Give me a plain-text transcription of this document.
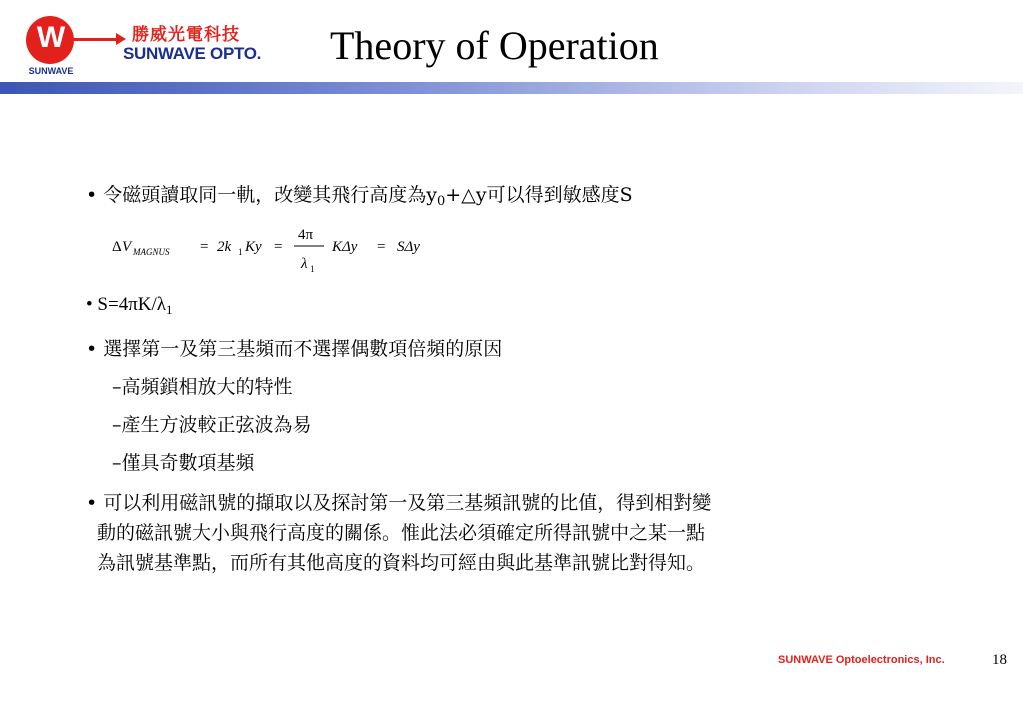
W	勝威光電科技
SUNWAVE OPTO.
SUNWAVE
Theory of Operation
• 令磁頭讀取同一軌，改變其飛行高度為$y_0+\triangle y$可以得到敏感度S
Δ V MAGNUS = 2k 1 Ky =
4π
λ 1
KΔy = SΔy
• $S=4\pi K/\lambda_1$
• 選擇第一及第三基頻而不選擇偶數項倍頻的原因
–高頻鎖相放大的特性
–產生方波較正弦波為易
–僅具奇數項基頻
• 可以利用磁訊號的擷取以及探討第一及第三基頻訊號的比值，得到相對變
動的磁訊號大小與飛行高度的關係。惟此法必須確定所得訊號中之某一點
為訊號基準點，而所有其他高度的資料均可經由與此基準訊號比對得知。
SUNWAVE Optoelectronics, Inc.	18
